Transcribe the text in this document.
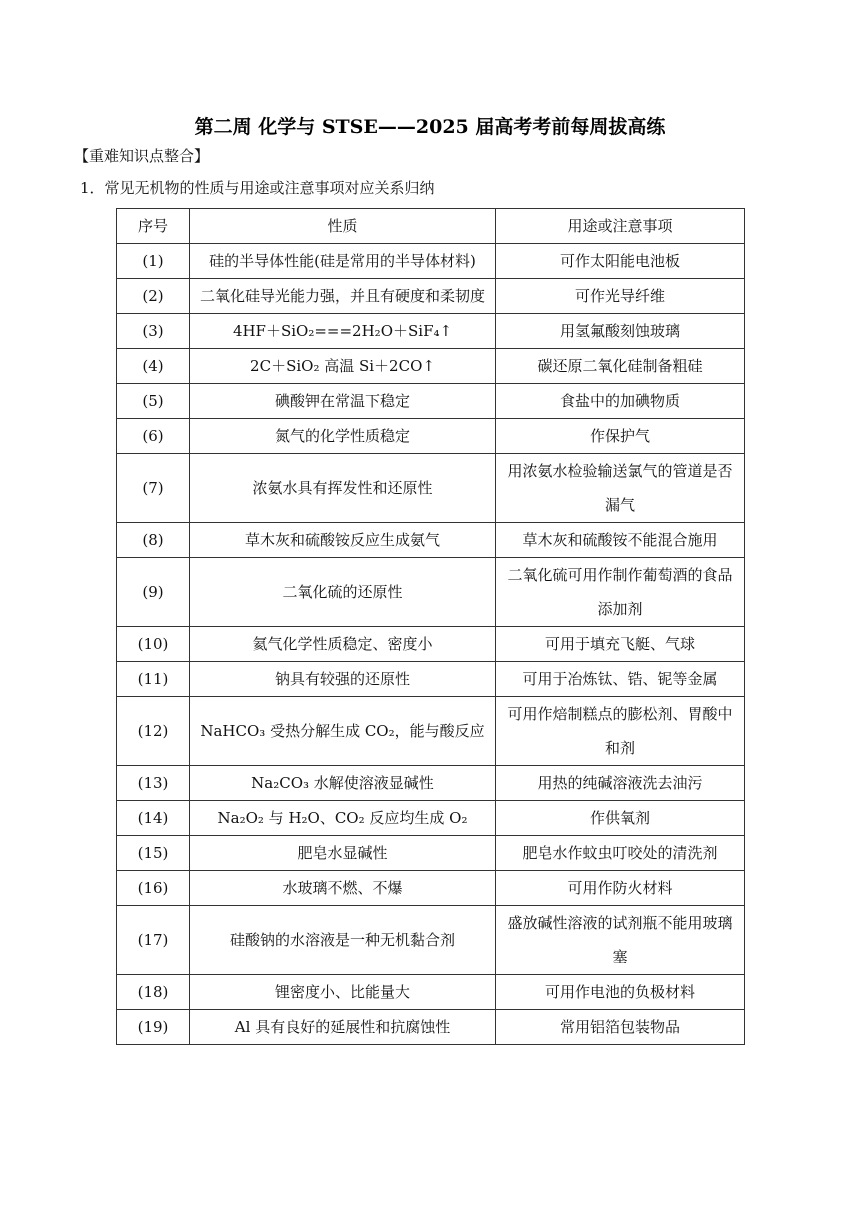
第二周 化学与 STSE——2025 届高考考前每周拔高练
【重难知识点整合】
1．常见无机物的性质与用途或注意事项对应关系归纳
序号	性质	用途或注意事项
(1)	硅的半导体性能(硅是常用的半导体材料)	可作太阳能电池板
(2)	二氧化硅导光能力强，并且有硬度和柔韧度	可作光导纤维
(3)	4HF＋SiO₂===2H₂O＋SiF₄↑	用氢氟酸刻蚀玻璃
(4)	2C＋SiO₂ 高温 Si＋2CO↑	碳还原二氧化硅制备粗硅
(5)	碘酸钾在常温下稳定	食盐中的加碘物质
(6)	氮气的化学性质稳定	作保护气
(7)	浓氨水具有挥发性和还原性	用浓氨水检验输送氯气的管道是否漏气
(8)	草木灰和硫酸铵反应生成氨气	草木灰和硫酸铵不能混合施用
(9)	二氧化硫的还原性	二氧化硫可用作制作葡萄酒的食品添加剂
(10)	氦气化学性质稳定、密度小	可用于填充飞艇、气球
(11)	钠具有较强的还原性	可用于冶炼钛、锆、铌等金属
(12)	NaHCO₃ 受热分解生成 CO₂，能与酸反应	可用作焙制糕点的膨松剂、胃酸中和剂
(13)	Na₂CO₃ 水解使溶液显碱性	用热的纯碱溶液洗去油污
(14)	Na₂O₂ 与 H₂O、CO₂ 反应均生成 O₂	作供氧剂
(15)	肥皂水显碱性	肥皂水作蚊虫叮咬处的清洗剂
(16)	水玻璃不燃、不爆	可用作防火材料
(17)	硅酸钠的水溶液是一种无机黏合剂	盛放碱性溶液的试剂瓶不能用玻璃塞
(18)	锂密度小、比能量大	可用作电池的负极材料
(19)	Al 具有良好的延展性和抗腐蚀性	常用铝箔包装物品
